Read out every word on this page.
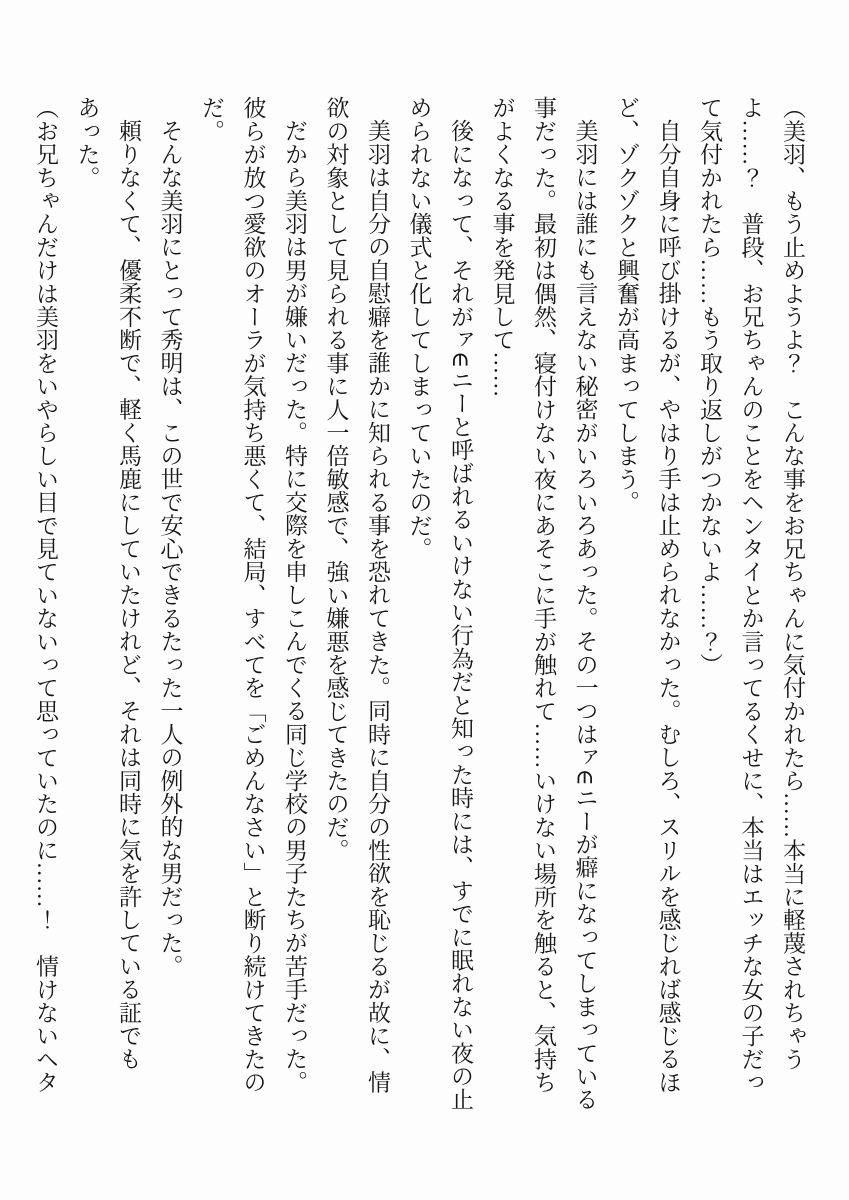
（美羽、もう止めようよ？　こんな事をお兄ちゃんに気付かれたら……本当に軽蔑されちゃうよ……？　普段、お兄ちゃんのことをヘンタイとか言ってるくせに、本当はエッチな女の子だって気付かれたら……もう取り返しがつかないよ……？）

自分自身に呼び掛けるが、やはり手は止められなかった。むしろ、スリルを感じれば感じるほど、ゾクゾクと興奮が高まってしまう。

美羽には誰にも言えない秘密がいろいろあった。その一つはァ∈ニーが癖になってしまっている事だった。最初は偶然、寝付けない夜にあそこに手が触れて……いけない場所を触ると、気持ちがよくなる事を発見して……

後になって、それがァ∈ニーと呼ばれるいけない行為だと知った時には、すでに眠れない夜の止められない儀式と化してしまっていたのだ。

美羽は自分の自慰癖を誰かに知られる事を恐れてきた。同時に自分の性欲を恥じるが故に、情欲の対象として見られる事に人一倍敏感で、強い嫌悪を感じてきたのだ。

だから美羽は男が嫌いだった。特に交際を申しこんでくる同じ学校の男子たちが苦手だった。彼らが放つ愛欲のオーラが気持ち悪くて、結局、すべてを「ごめんなさい」と断り続けてきたのだ。

そんな美羽にとって秀明は、この世で安心できるたった一人の例外的な男だった。

頼りなくて、優柔不断で、軽く馬鹿にしていたけれど、それは同時に気を許している証でもあった。

（お兄ちゃんだけは美羽をいやらしい目で見ていないって思っていたのに……！　情けないヘタ
